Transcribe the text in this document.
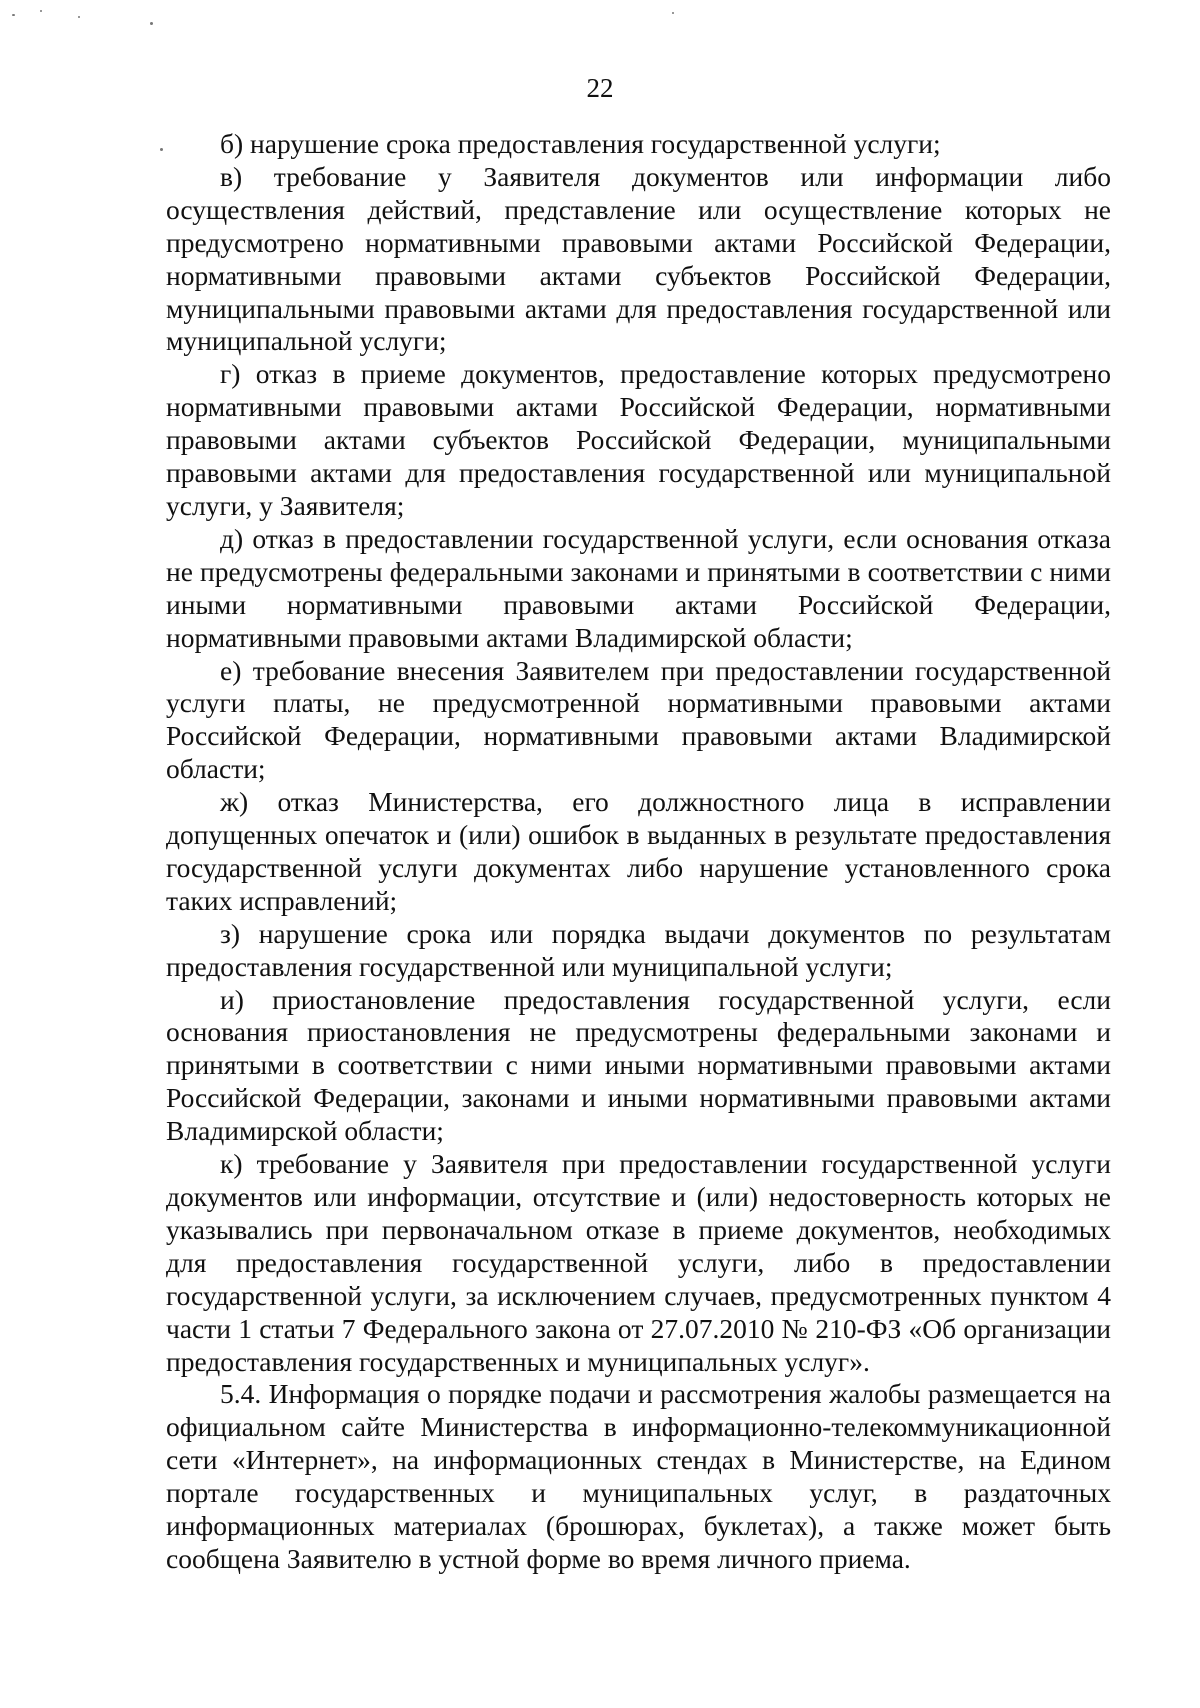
22

б) нарушение срока предоставления государственной услуги;

в) требование у Заявителя документов или информации либо осуществления действий, представление или осуществление которых не предусмотрено нормативными правовыми актами Российской Федерации, нормативными правовыми актами субъектов Российской Федерации, муниципальными правовыми актами для предоставления государственной или муниципальной услуги;

г) отказ в приеме документов, предоставление которых предусмотрено нормативными правовыми актами Российской Федерации, нормативными правовыми актами субъектов Российской Федерации, муниципальными правовыми актами для предоставления государственной или муниципальной услуги, у Заявителя;

д) отказ в предоставлении государственной услуги, если основания отказа не предусмотрены федеральными законами и принятыми в соответствии с ними иными нормативными правовыми актами Российской Федерации, нормативными правовыми актами Владимирской области;

е) требование внесения Заявителем при предоставлении государственной услуги платы, не предусмотренной нормативными правовыми актами Российской Федерации, нормативными правовыми актами Владимирской области;

ж) отказ Министерства, его должностного лица в исправлении допущенных опечаток и (или) ошибок в выданных в результате предоставления государственной услуги документах либо нарушение установленного срока таких исправлений;

з) нарушение срока или порядка выдачи документов по результатам предоставления государственной или муниципальной услуги;

и) приостановление предоставления государственной услуги, если основания приостановления не предусмотрены федеральными законами и принятыми в соответствии с ними иными нормативными правовыми актами Российской Федерации, законами и иными нормативными правовыми актами Владимирской области;

к) требование у Заявителя при предоставлении государственной услуги документов или информации, отсутствие и (или) недостоверность которых не указывались при первоначальном отказе в приеме документов, необходимых для предоставления государственной услуги, либо в предоставлении государственной услуги, за исключением случаев, предусмотренных пунктом 4 части 1 статьи 7 Федерального закона от 27.07.2010 № 210-ФЗ «Об организации предоставления государственных и муниципальных услуг».

5.4. Информация о порядке подачи и рассмотрения жалобы размещается на официальном сайте Министерства в информационно-телекоммуникационной сети «Интернет», на информационных стендах в Министерстве, на Едином портале государственных и муниципальных услуг, в раздаточных информационных материалах (брошюрах, буклетах), а также может быть сообщена Заявителю в устной форме во время личного приема.
